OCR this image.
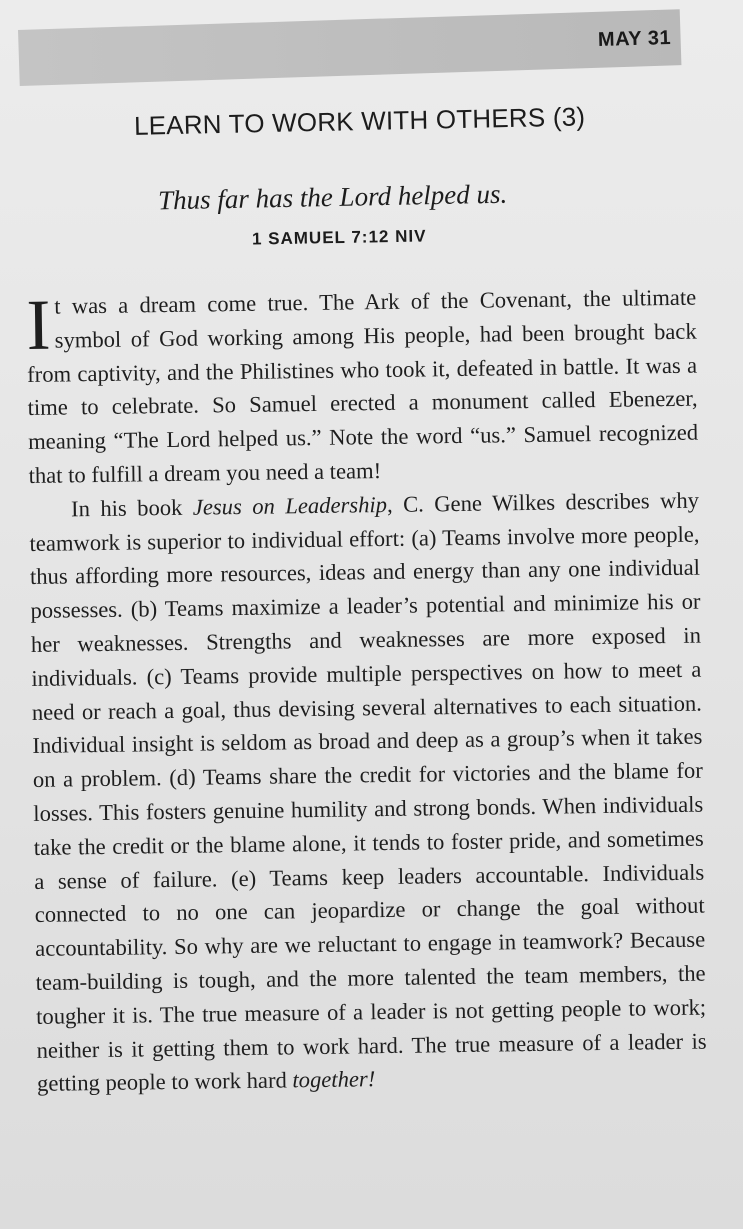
MAY 31
LEARN TO WORK WITH OTHERS (3)
Thus far has the Lord helped us.
1 SAMUEL 7:12 NIV

It was a dream come true. The Ark of the Covenant, the ultimate symbol of God working among His people, had been brought back from captivity, and the Philistines who took it, defeated in battle. It was a time to celebrate. So Samuel erected a monument called Ebenezer, meaning “The Lord helped us.” Note the word “us.” Samuel recognized that to fulfill a dream you need a team!

In his book Jesus on Leadership, C. Gene Wilkes describes why teamwork is superior to individual effort: (a) Teams involve more people, thus affording more resources, ideas and energy than any one individual possesses. (b) Teams maximize a leader’s potential and minimize his or her weaknesses. Strengths and weaknesses are more exposed in individuals. (c) Teams provide multiple perspectives on how to meet a need or reach a goal, thus devising several alternatives to each situation. Individual insight is seldom as broad and deep as a group’s when it takes on a problem. (d) Teams share the credit for victories and the blame for losses. This fosters genuine humility and strong bonds. When individuals take the credit or the blame alone, it tends to foster pride, and sometimes a sense of failure. (e) Teams keep leaders accountable. Individuals connected to no one can jeopardize or change the goal without accountability. So why are we reluctant to engage in teamwork? Because team-building is tough, and the more talented the team members, the tougher it is. The true measure of a leader is not getting people to work; neither is it getting them to work hard. The true measure of a leader is getting people to work hard together!
